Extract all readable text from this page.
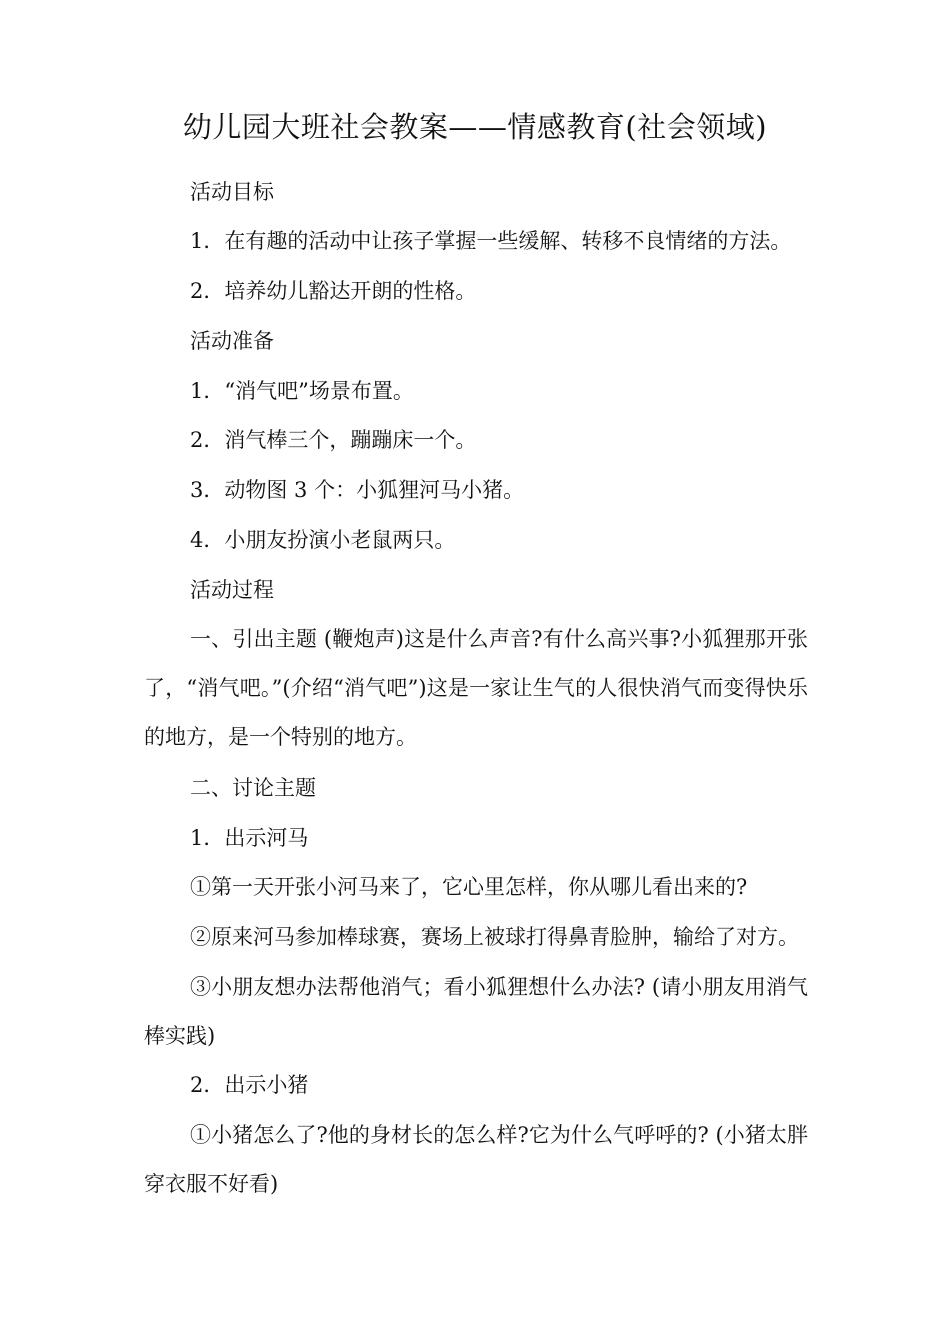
幼儿园大班社会教案——情感教育(社会领域)

活动目标

1．在有趣的活动中让孩子掌握一些缓解、转移不良情绪的方法。

2．培养幼儿豁达开朗的性格。

活动准备

1．“消气吧”场景布置。

2．消气棒三个，蹦蹦床一个。

3．动物图 3 个：小狐狸河马小猪。

4．小朋友扮演小老鼠两只。

活动过程

一、引出主题 (鞭炮声)这是什么声音?有什么高兴事?小狐狸那开张了，“消气吧。”(介绍“消气吧”)这是一家让生气的人很快消气而变得快乐的地方，是一个特别的地方。

二、讨论主题

1．出示河马

①第一天开张小河马来了，它心里怎样，你从哪儿看出来的?

②原来河马参加棒球赛，赛场上被球打得鼻青脸肿，输给了对方。

③小朋友想办法帮他消气；看小狐狸想什么办法? (请小朋友用消气棒实践)

2．出示小猪

①小猪怎么了?他的身材长的怎么样?它为什么气呼呼的? (小猪太胖穿衣服不好看)
